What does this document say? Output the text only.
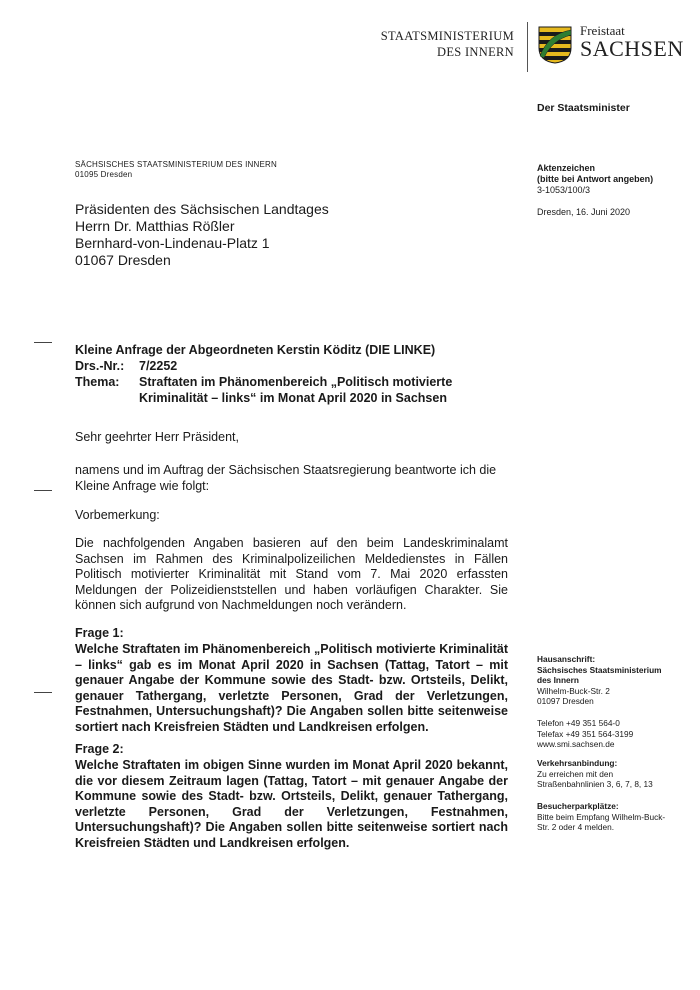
STAATSMINISTERIUM
DES INNERN
Freistaat
SACHSEN
Der Staatsminister
SÄCHSISCHES STAATSMINISTERIUM DES INNERN
01095 Dresden
Präsidenten des Sächsischen Landtages
Herrn Dr. Matthias Rößler
Bernhard-von-Lindenau-Platz 1
01067 Dresden
Aktenzeichen
(bitte bei Antwort angeben)
3-1053/100/3
Dresden, 16. Juni 2020
Kleine Anfrage der Abgeordneten Kerstin Köditz (DIE LINKE)
Drs.-Nr.:	7/2252
Thema:	Straftaten im Phänomenbereich „Politisch motivierte Kriminalität – links“ im Monat April 2020 in Sachsen
Sehr geehrter Herr Präsident,
namens und im Auftrag der Sächsischen Staatsregierung beantworte ich die Kleine Anfrage wie folgt:
Vorbemerkung:
Die nachfolgenden Angaben basieren auf den beim Landeskriminalamt Sachsen im Rahmen des Kriminalpolizeilichen Meldedienstes in Fällen Politisch motivierter Kriminalität mit Stand vom 7. Mai 2020 erfassten Meldungen der Polizeidienststellen und haben vorläufigen Charakter. Sie können sich aufgrund von Nachmeldungen noch verändern.
Frage 1:
Welche Straftaten im Phänomenbereich „Politisch motivierte Kriminalität – links“ gab es im Monat April 2020 in Sachsen (Tattag, Tatort – mit genauer Angabe der Kommune sowie des Stadt- bzw. Ortsteils, Delikt, genauer Tathergang, verletzte Personen, Grad der Verletzungen, Festnahmen, Untersuchungshaft)? Die Angaben sollen bitte seitenweise sortiert nach Kreisfreien Städten und Landkreisen erfolgen.
Frage 2:
Welche Straftaten im obigen Sinne wurden im Monat April 2020 bekannt, die vor diesem Zeitraum lagen (Tattag, Tatort – mit genauer Angabe der Kommune sowie des Stadt- bzw. Ortsteils, Delikt, genauer Tathergang, verletzte Personen, Grad der Verletzungen, Festnahmen, Untersuchungshaft)? Die Angaben sollen bitte seitenweise sortiert nach Kreisfreien Städten und Landkreisen erfolgen.
Hausanschrift:
Sächsisches Staatsministerium
des Innern
Wilhelm-Buck-Str. 2
01097 Dresden
Telefon +49 351 564-0
Telefax +49 351 564-3199
www.smi.sachsen.de
Verkehrsanbindung:
Zu erreichen mit den Straßenbahnlinien 3, 6, 7, 8, 13
Besucherparkplätze:
Bitte beim Empfang Wilhelm-Buck-Str. 2 oder 4 melden.
